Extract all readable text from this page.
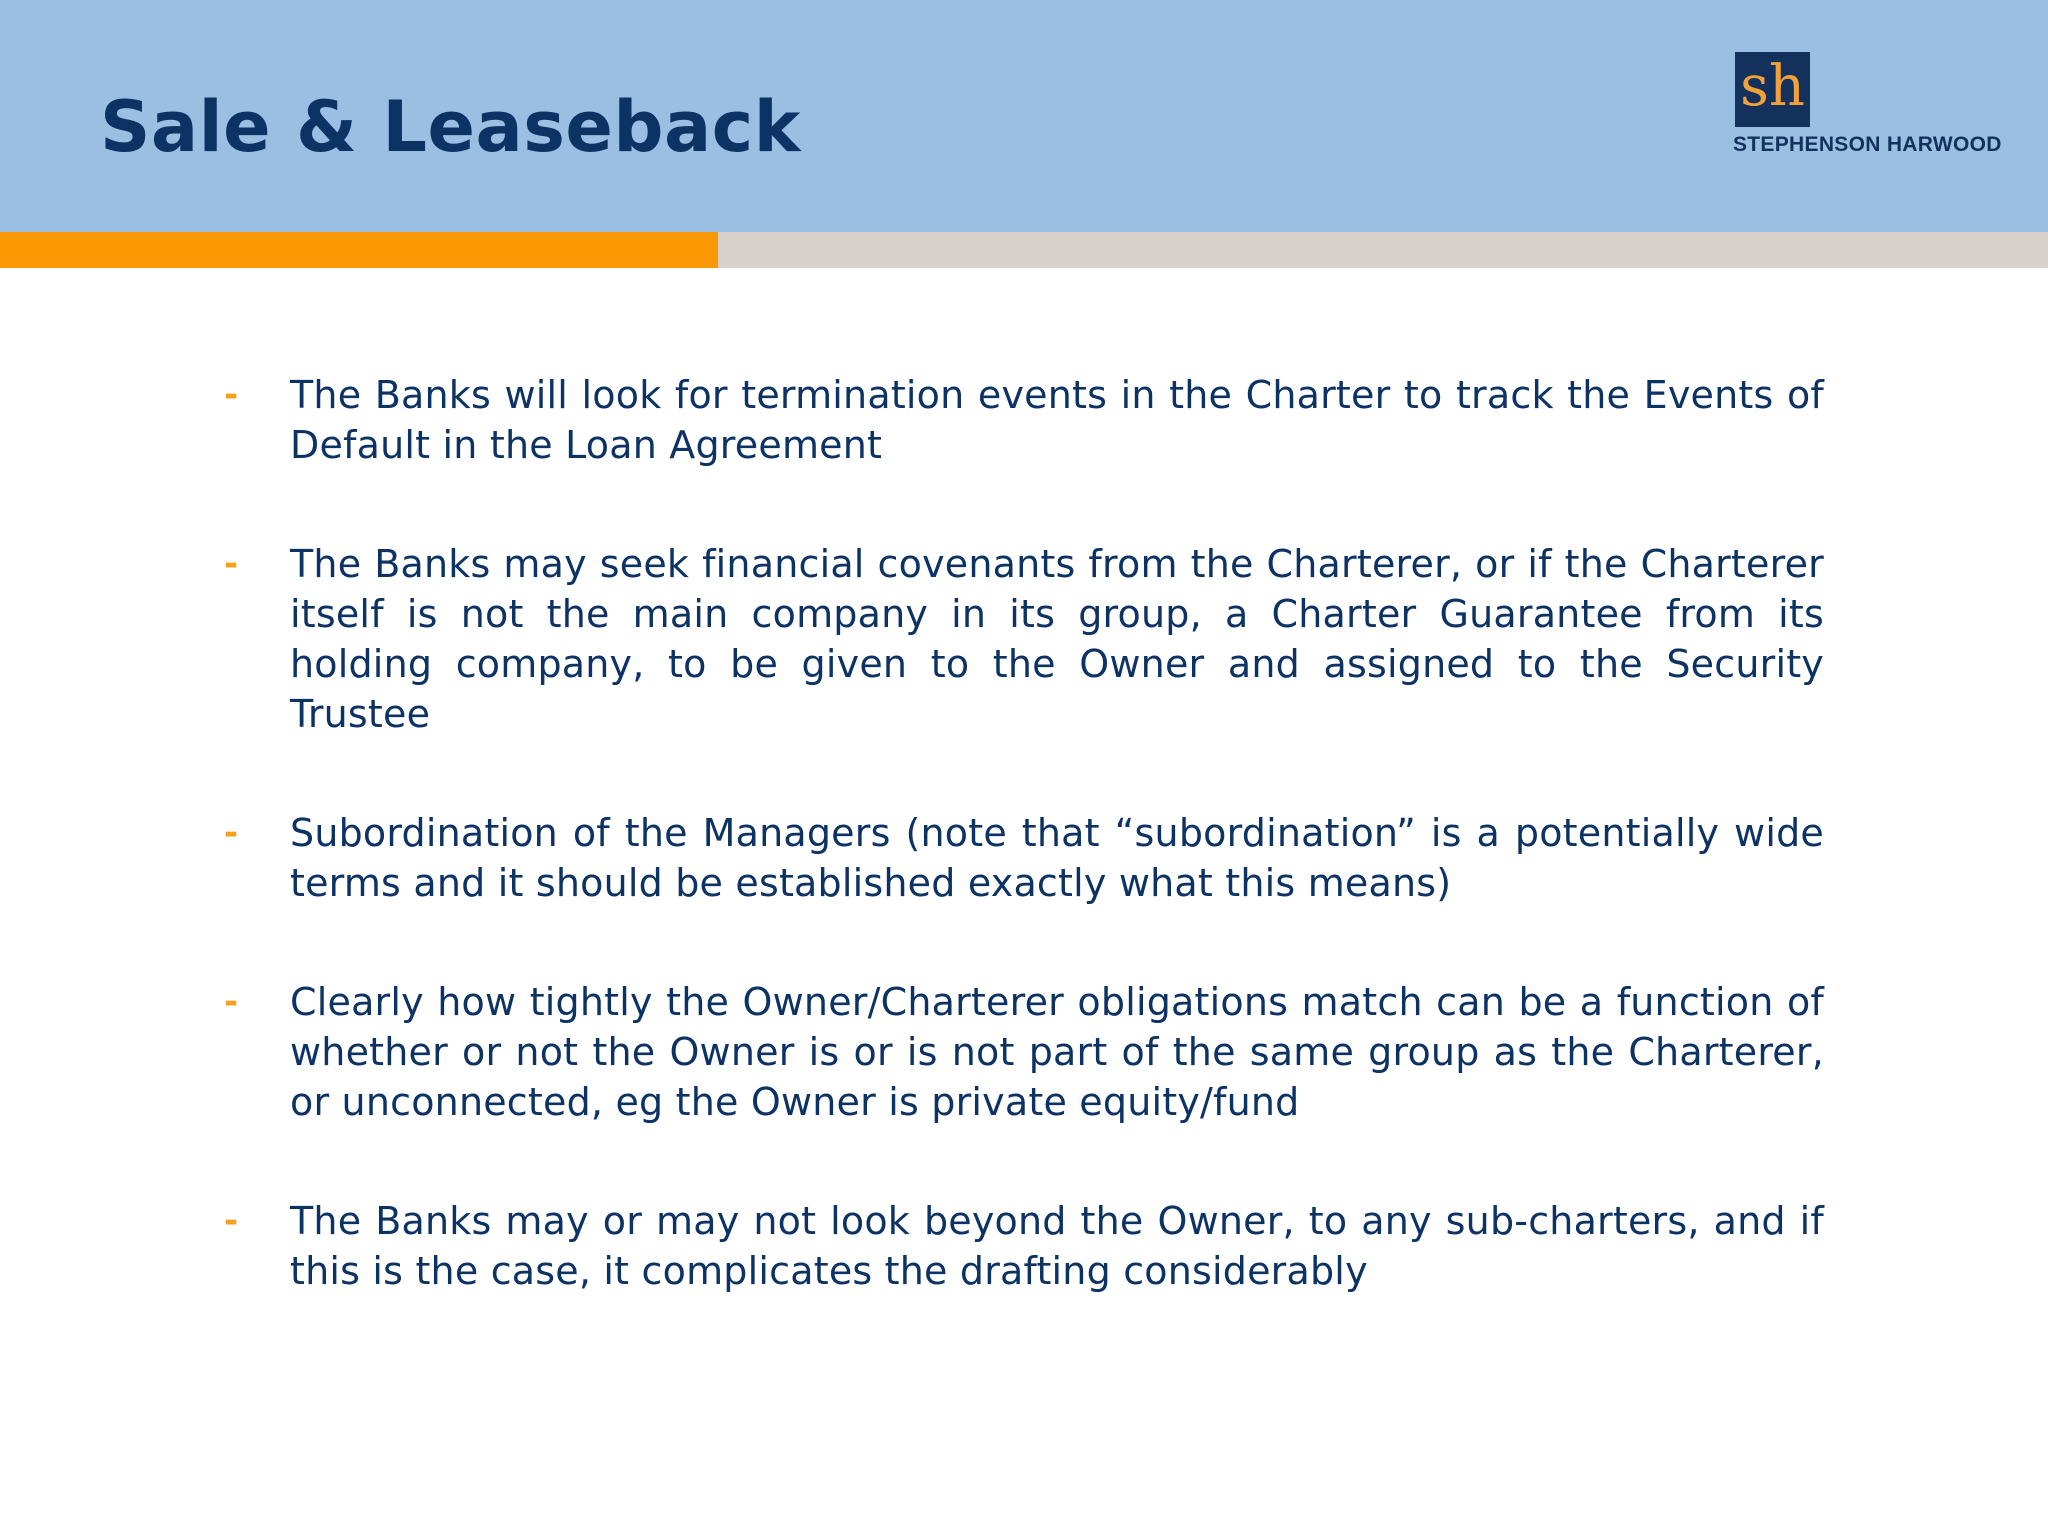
Sale & Leaseback	sh
STEPHENSON HARWOOD
- The Banks will look for termination events in the Charter to track the Events of Default in the Loan Agreement
- The Banks may seek financial covenants from the Charterer, or if the Charterer itself is not the main company in its group, a Charter Guarantee from its holding company, to be given to the Owner and assigned to the Security Trustee
- Subordination of the Managers (note that “subordination” is a potentially wide terms and it should be established exactly what this means)
- Clearly how tightly the Owner/Charterer obligations match can be a function of whether or not the Owner is or is not part of the same group as the Charterer, or unconnected, eg the Owner is private equity/fund
- The Banks may or may not look beyond the Owner, to any sub-charters, and if this is the case, it complicates the drafting considerably
